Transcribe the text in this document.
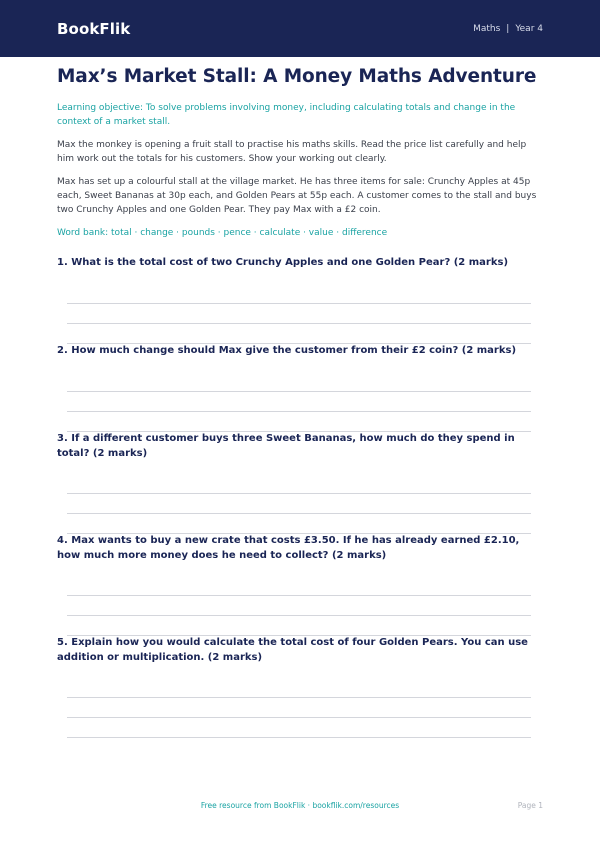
BookFlik	Maths | Year 4
Max’s Market Stall: A Money Maths Adventure
Learning objective: To solve problems involving money, including calculating totals and change in the context of a market stall.

Max the monkey is opening a fruit stall to practise his maths skills. Read the price list carefully and help him work out the totals for his customers. Show your working out clearly.

Max has set up a colourful stall at the village market. He has three items for sale: Crunchy Apples at 45p each, Sweet Bananas at 30p each, and Golden Pears at 55p each. A customer comes to the stall and buys two Crunchy Apples and one Golden Pear. They pay Max with a £2 coin.

Word bank: total · change · pounds · pence · calculate · value · difference
1. What is the total cost of two Crunchy Apples and one Golden Pear? (2 marks)
2. How much change should Max give the customer from their £2 coin? (2 marks)
3. If a different customer buys three Sweet Bananas, how much do they spend in total? (2 marks)
4. Max wants to buy a new crate that costs £3.50. If he has already earned £2.10, how much more money does he need to collect? (2 marks)
5. Explain how you would calculate the total cost of four Golden Pears. You can use addition or multiplication. (2 marks)
Free resource from BookFlik · bookflik.com/resources	Page 1
